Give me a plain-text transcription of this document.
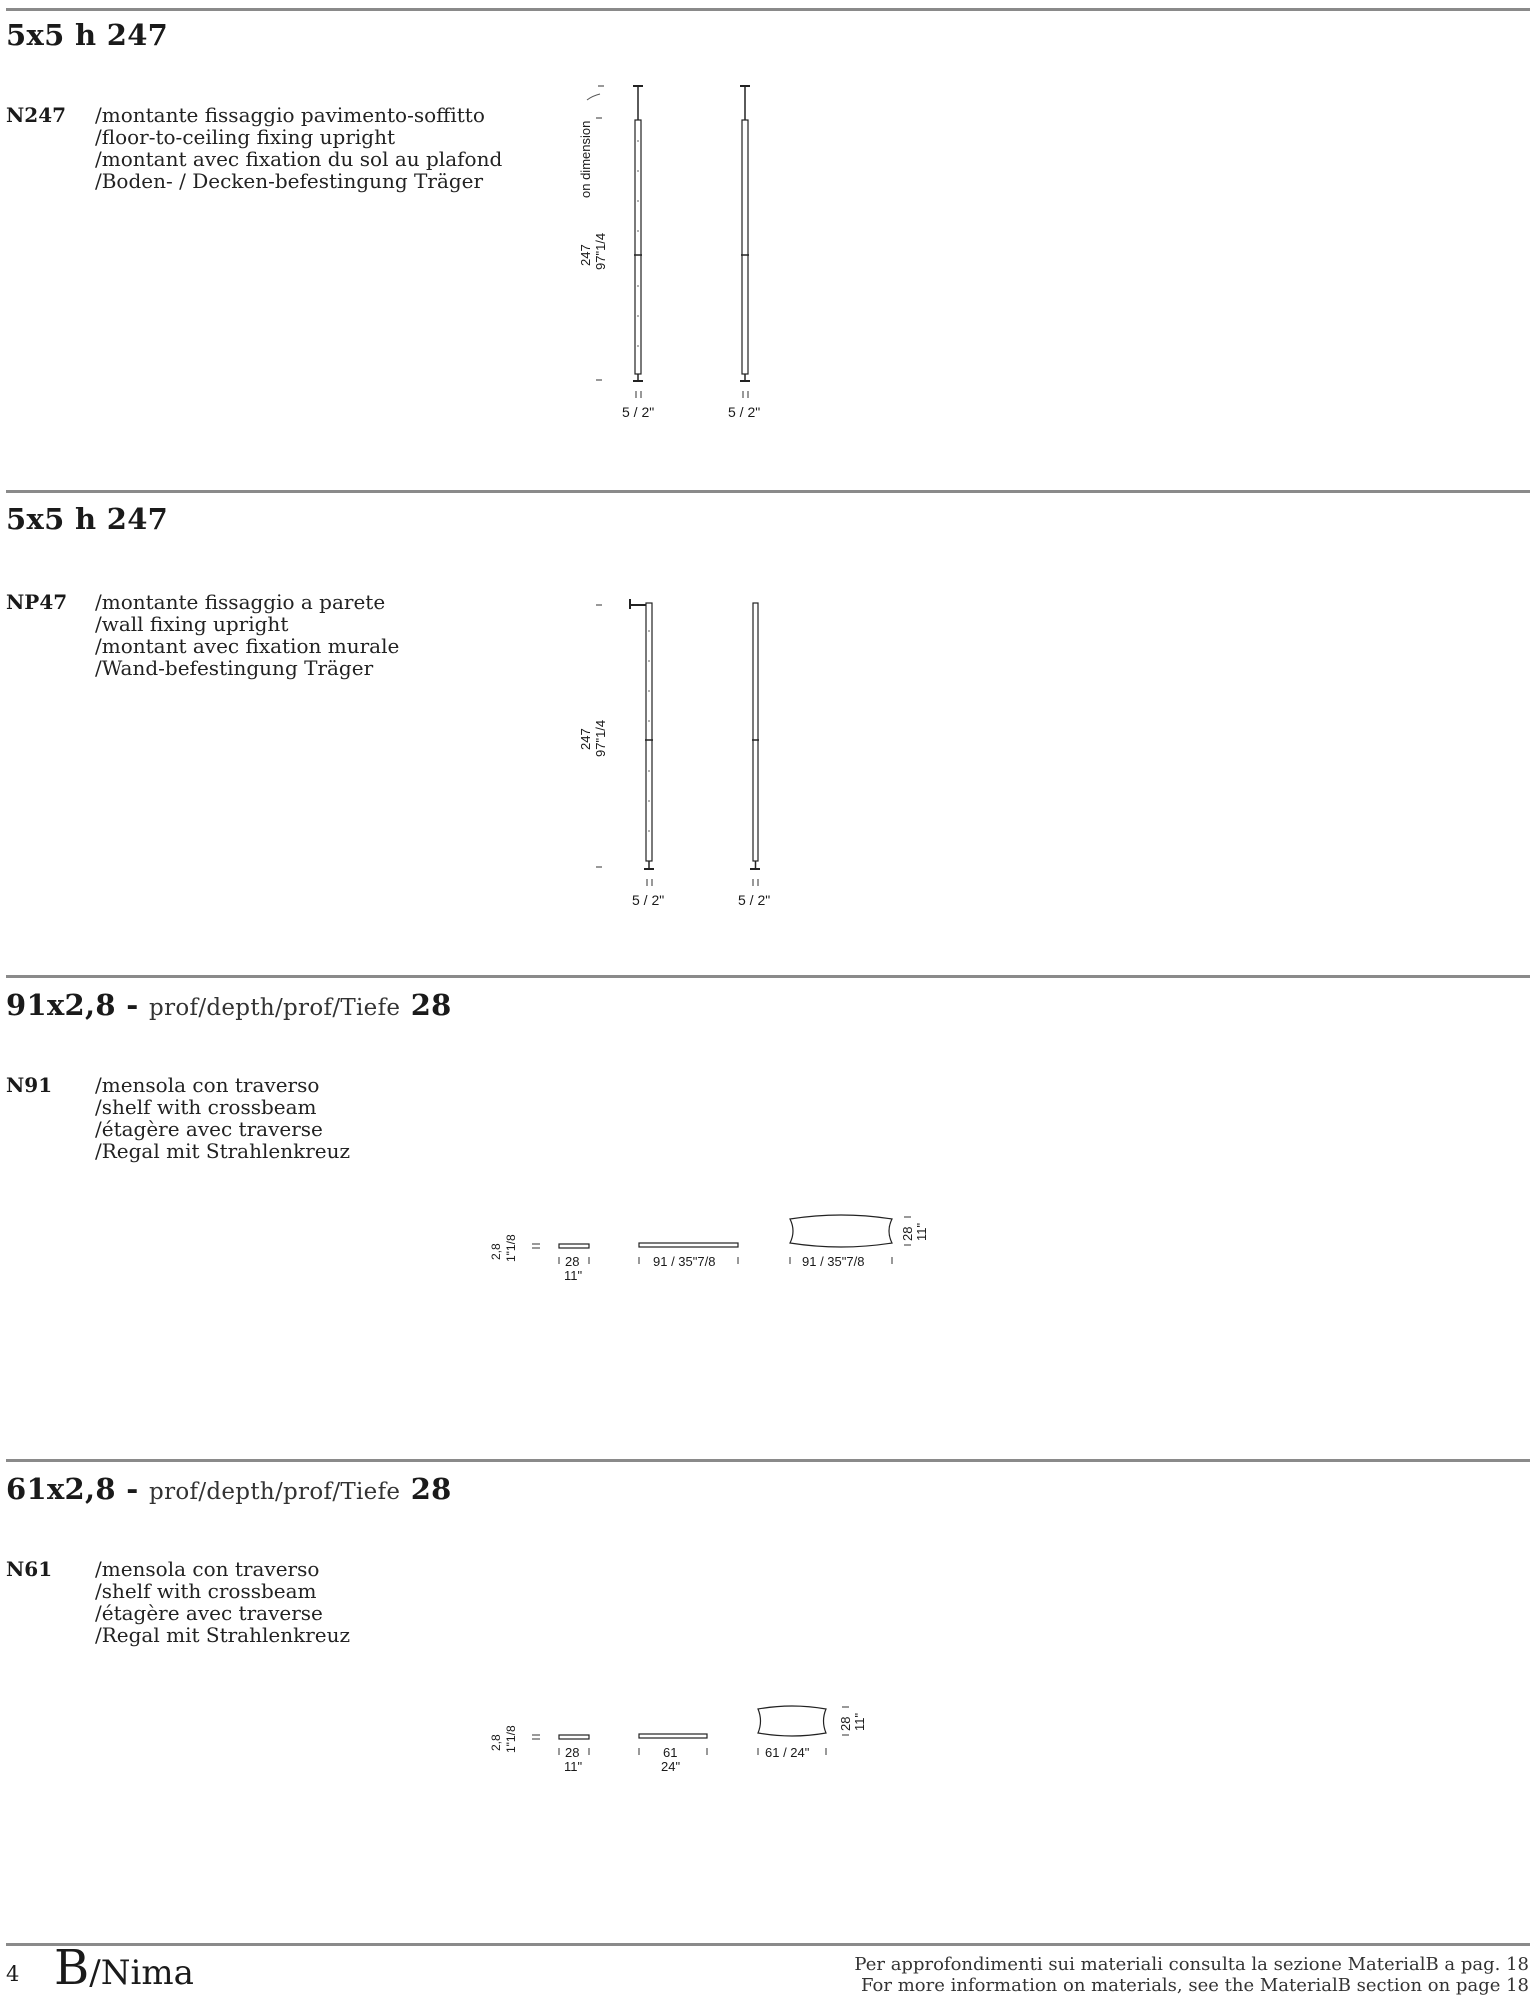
5x5 h 247
N247 /montante fissaggio pavimento-soffitto
/floor-to-ceiling fixing upright
/montant avec fixation du sol au plafond
/Boden- / Decken-befestingung Träger	on dimension
247 97"1/4
5 / 2"	5 / 2"
5x5 h 247
NP47 /montante fissaggio a parete
/wall fixing upright
/montant avec fixation murale
/Wand-befestingung Träger
247 97"1/4
5 / 2"	5 / 2"
91x2,8 - prof/depth/prof/Tiefe 28
N91 /mensola con traverso
/shelf with crossbeam
/étagère avec traverse
/Regal mit Strahlenkreuz
2,8 1"1/8	28
11"
91 / 35"7/8	91 / 35"7/8
28 11"
61x2,8 - prof/depth/prof/Tiefe 28
N61 /mensola con traverso
/shelf with crossbeam
/étagère avec traverse
/Regal mit Strahlenkreuz
2,8 1"1/8	28
11"
61
24"
61 / 24"
28 11"
4 B/Nima	Per approfondimenti sui materiali consulta la sezione MaterialB a pag. 18
For more information on materials, see the MaterialB section on page 18
